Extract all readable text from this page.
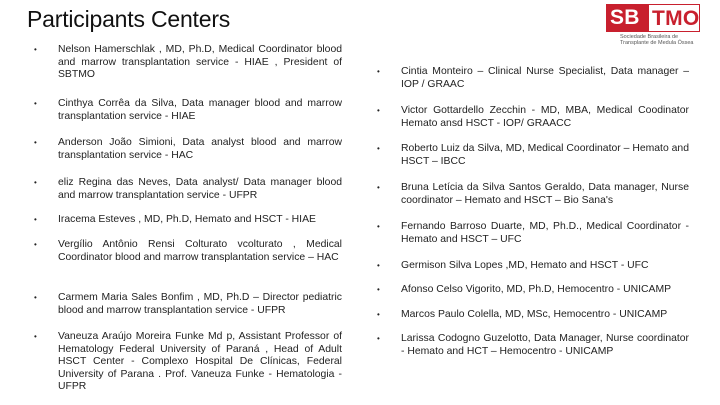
Participants Centers	SB TMO
Sociedade Brasileira de Transplante de Medula Óssea
• Nelson Hamerschlak , MD, Ph.D, Medical Coordinator blood and marrow transplantation service - HIAE , President of SBTMO
• Cinthya Corrêa da Silva, Data manager blood and marrow transplantation service - HIAE
• Anderson João Simioni, Data analyst blood and marrow transplantation service - HAC
• eliz Regina das Neves, Data analyst/ Data manager blood and marrow transplantation service - UFPR
• Iracema Esteves , MD, Ph.D, Hemato and HSCT - HIAE
• Vergílio Antônio Rensi Colturato vcolturato , Medical Coordinator blood and marrow transplantation service – HAC
• Carmem Maria Sales Bonfim , MD, Ph.D – Director pediatric blood and marrow transplantation service - UFPR
• Vaneuza Araújo Moreira Funke Md p, Assistant Professor of Hematology Federal University of Paraná , Head of Adult HSCT Center - Complexo Hospital De Clínicas, Federal University of Parana . Prof. Vaneuza Funke - Hematologia - UFPR
• Cintia Monteiro – Clinical Nurse Specialist, Data manager – IOP / GRAAC
• Victor Gottardello Zecchin - MD, MBA, Medical Coodinator Hemato ansd HSCT - IOP/ GRAACC
• Roberto Luiz da Silva, MD, Medical Coordinator – Hemato and HSCT – IBCC
• Bruna Letícia da Silva Santos Geraldo, Data manager, Nurse coordinator – Hemato and HSCT – Bio Sana's
• Fernando Barroso Duarte, MD, Ph.D., Medical Coordinator - Hemato and HSCT – UFC
• Germison Silva Lopes ,MD, Hemato and HSCT - UFC
• Afonso Celso Vigorito, MD, Ph.D, Hemocentro - UNICAMP
• Marcos Paulo Colella, MD, MSc, Hemocentro - UNICAMP
• Larissa Codogno Guzelotto, Data Manager, Nurse coordinator - Hemato and HCT – Hemocentro - UNICAMP
